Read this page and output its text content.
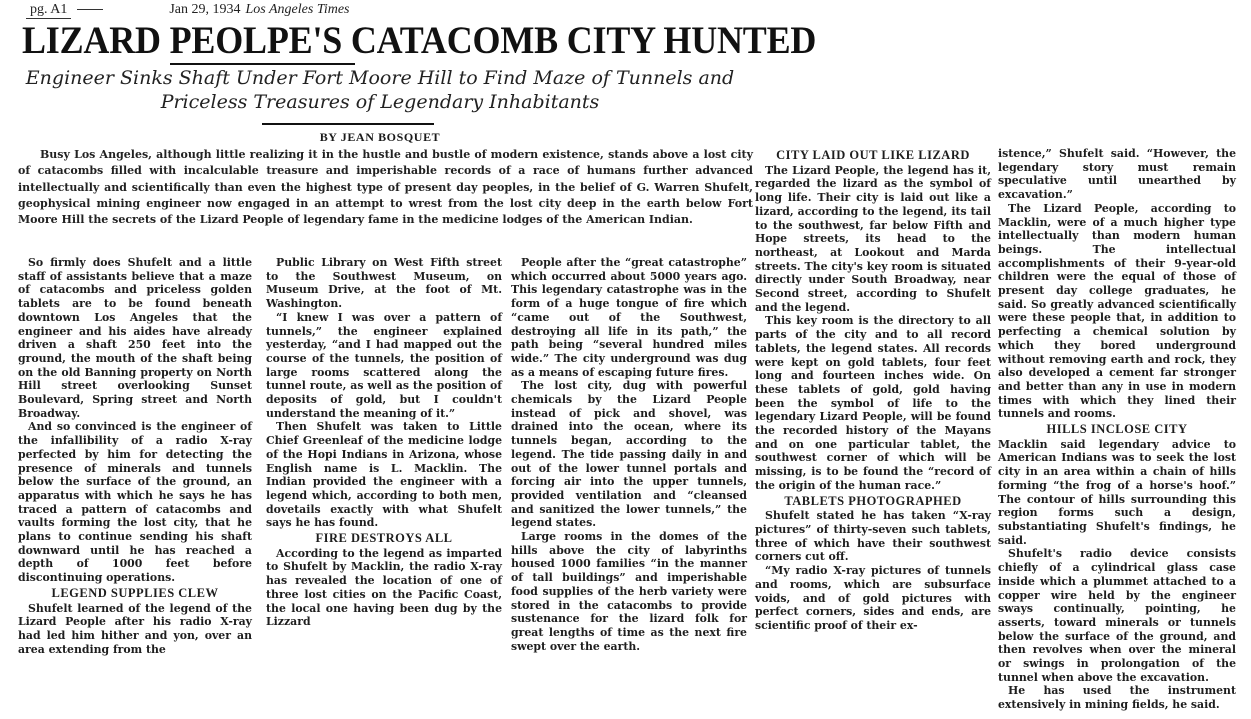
pg. A1	Jan 29, 1934 Los Angeles Times
LIZARD PEOLPE'S CATACOMB CITY HUNTED
Engineer Sinks Shaft Under Fort Moore Hill to Find Maze of Tunnels and
Priceless Treasures of Legendary Inhabitants
BY JEAN BOSQUET
Busy Los Angeles, although little realizing it in the hustle and bustle of modern existence, stands above a lost city of catacombs filled with incalculable treasure and imperishable records of a race of humans further advanced intellectually and scientifically than even the highest type of present day peoples, in the belief of G. Warren Shufelt, geophysical mining engineer now engaged in an attempt to wrest from the lost city deep in the earth below Fort Moore Hill the secrets of the Lizard People of legendary fame in the medicine lodges of the American Indian.

So firmly does Shufelt and a little staff of assistants believe that a maze of catacombs and priceless golden tablets are to be found beneath downtown Los Angeles that the engineer and his aides have already driven a shaft 250 feet into the ground, the mouth of the shaft being on the old Banning property on North Hill street overlooking Sunset Boulevard, Spring street and North Broadway.

And so convinced is the engineer of the infallibility of a radio X-ray perfected by him for detecting the presence of minerals and tunnels below the surface of the ground, an apparatus with which he says he has traced a pattern of catacombs and vaults forming the lost city, that he plans to continue sending his shaft downward until he has reached a depth of 1000 feet before discontinuing operations.

LEGEND SUPPLIES CLEW

Shufelt learned of the legend of the Lizard People after his radio X-ray had led him hither and yon, over an area extending from the

Public Library on West Fifth street to the Southwest Museum, on Museum Drive, at the foot of Mt. Washington.

“I knew I was over a pattern of tunnels,” the engineer explained yesterday, “and I had mapped out the course of the tunnels, the position of large rooms scattered along the tunnel route, as well as the position of deposits of gold, but I couldn't understand the meaning of it.”

Then Shufelt was taken to Little Chief Greenleaf of the medicine lodge of the Hopi Indians in Arizona, whose English name is L. Macklin. The Indian provided the engineer with a legend which, according to both men, dovetails exactly with what Shufelt says he has found.

FIRE DESTROYS ALL

According to the legend as imparted to Shufelt by Macklin, the radio X-ray has revealed the location of one of three lost cities on the Pacific Coast, the local one having been dug by the Lizzard

People after the “great catastrophe” which occurred about 5000 years ago. This legendary catastrophe was in the form of a huge tongue of fire which “came out of the Southwest, destroying all life in its path,” the path being “several hundred miles wide.” The city underground was dug as a means of escaping future fires.

The lost city, dug with powerful chemicals by the Lizard People instead of pick and shovel, was drained into the ocean, where its tunnels began, according to the legend. The tide passing daily in and out of the lower tunnel portals and forcing air into the upper tunnels, provided ventilation and “cleansed and sanitized the lower tunnels,” the legend states.

Large rooms in the domes of the hills above the city of labyrinths housed 1000 families “in the manner of tall buildings” and imperishable food supplies of the herb variety were stored in the catacombs to provide sustenance for the lizard folk for great lengths of time as the next fire swept over the earth.

CITY LAID OUT LIKE LIZARD

The Lizard People, the legend has it, regarded the lizard as the symbol of long life. Their city is laid out like a lizard, according to the legend, its tail to the southwest, far below Fifth and Hope streets, its head to the northeast, at Lookout and Marda streets. The city's key room is situated directly under South Broadway, near Second street, according to Shufelt and the legend.

This key room is the directory to all parts of the city and to all record tablets, the legend states. All records were kept on gold tablets, four feet long and fourteen inches wide. On these tablets of gold, gold having been the symbol of life to the legendary Lizard People, will be found the recorded history of the Mayans and on one particular tablet, the southwest corner of which will be missing, is to be found the “record of the origin of the human race.”

TABLETS PHOTOGRAPHED

Shufelt stated he has taken “X-ray pictures” of thirty-seven such tablets, three of which have their southwest corners cut off.

“My radio X-ray pictures of tunnels and rooms, which are subsurface voids, and of gold pictures with perfect corners, sides and ends, are scientific proof of their ex-

istence,” Shufelt said. “However, the legendary story must remain speculative until unearthed by excavation.”

The Lizard People, according to Macklin, were of a much higher type intellectually than modern human beings. The intellectual accomplishments of their 9-year-old children were the equal of those of present day college graduates, he said. So greatly advanced scientifically were these people that, in addition to perfecting a chemical solution by which they bored underground without removing earth and rock, they also developed a cement far stronger and better than any in use in modern times with which they lined their tunnels and rooms.

HILLS INCLOSE CITY

Macklin said legendary advice to American Indians was to seek the lost city in an area within a chain of hills forming “the frog of a horse's hoof.” The contour of hills surrounding this region forms such a design, substantiating Shufelt's findings, he said.

Shufelt's radio device consists chiefly of a cylindrical glass case inside which a plummet attached to a copper wire held by the engineer sways continually, pointing, he asserts, toward minerals or tunnels below the surface of the ground, and then revolves when over the mineral or swings in prolongation of the tunnel when above the excavation.

He has used the instrument extensively in mining fields, he said.
